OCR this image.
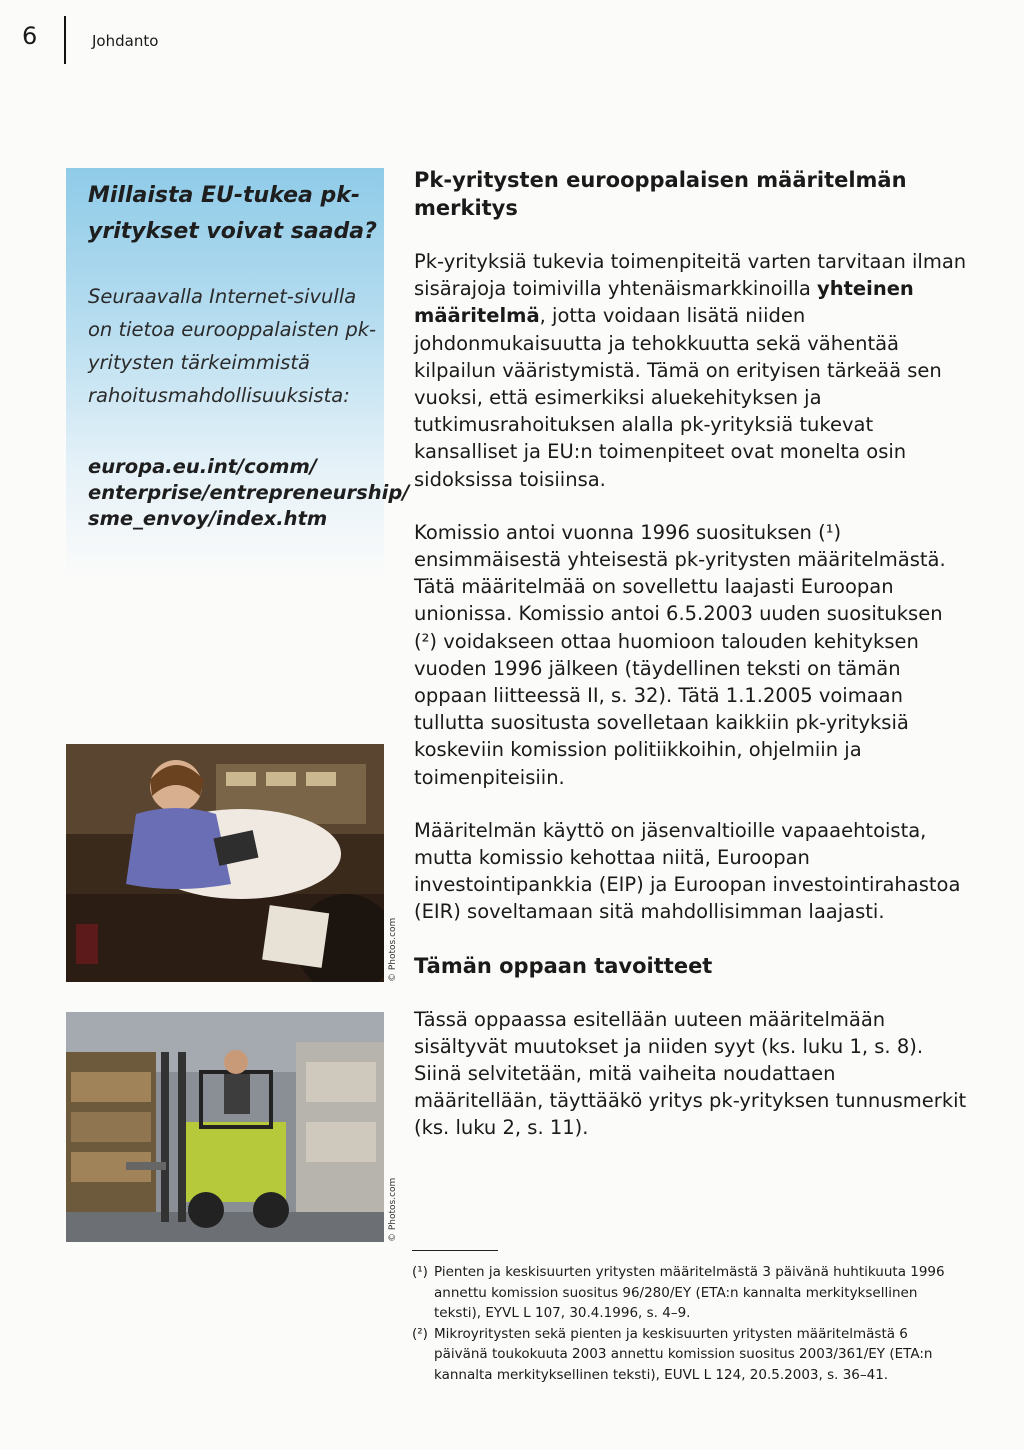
6	Johdanto

Millaista EU-tukea pk-yritykset voivat saada?

Seuraavalla Internet-sivulla on tietoa eurooppalaisten pk-yritysten tärkeimmistä rahoitusmahdollisuuksista:

europa.eu.int/comm/
enterprise/entrepreneurship/
sme_envoy/index.htm

© Photos.com
© Photos.com
Pk-yritysten eurooppalaisen määritelmän merkitys

Pk-yrityksiä tukevia toimenpiteitä varten tarvitaan ilman sisärajoja toimivilla yhtenäismarkkinoilla yhteinen määritelmä, jotta voidaan lisätä niiden johdonmukaisuutta ja tehokkuutta sekä vähentää kilpailun vääristymistä. Tämä on erityisen tärkeää sen vuoksi, että esimerkiksi aluekehityksen ja tutkimusrahoituksen alalla pk-yrityksiä tukevat kansalliset ja EU:n toimenpiteet ovat monelta osin sidoksissa toisiinsa.

Komissio antoi vuonna 1996 suosituksen (¹) ensimmäisestä yhteisestä pk-yritysten määritelmästä. Tätä määritelmää on sovellettu laajasti Euroopan unionissa. Komissio antoi 6.5.2003 uuden suosituksen (²) voidakseen ottaa huomioon talouden kehityksen vuoden 1996 jälkeen (täydellinen teksti on tämän oppaan liitteessä II, s. 32). Tätä 1.1.2005 voimaan tullutta suositusta sovelletaan kaikkiin pk-yrityksiä koskeviin komission politiikkoihin, ohjelmiin ja toimenpiteisiin.

Määritelmän käyttö on jäsenvaltioille vapaaehtoista, mutta komissio kehottaa niitä, Euroopan investointipankkia (EIP) ja Euroopan investointirahastoa (EIR) soveltamaan sitä mahdollisimman laajasti.

Tämän oppaan tavoitteet

Tässä oppaassa esitellään uuteen määritelmään sisältyvät muutokset ja niiden syyt (ks. luku 1, s. 8). Siinä selvitetään, mitä vaiheita noudattaen määritellään, täyttääkö yritys pk-yrityksen tunnusmerkit (ks. luku 2, s. 11).

(¹) Pienten ja keskisuurten yritysten määritelmästä 3 päivänä huhtikuuta 1996 annettu komission suositus 96/280/EY (ETA:n kannalta merkityksellinen teksti), EYVL L 107, 30.4.1996, s. 4–9.

(²) Mikroyritysten sekä pienten ja keskisuurten yritysten määritelmästä 6 päivänä toukokuuta 2003 annettu komission suositus 2003/361/EY (ETA:n kannalta merkityksellinen teksti), EUVL L 124, 20.5.2003, s. 36–41.
